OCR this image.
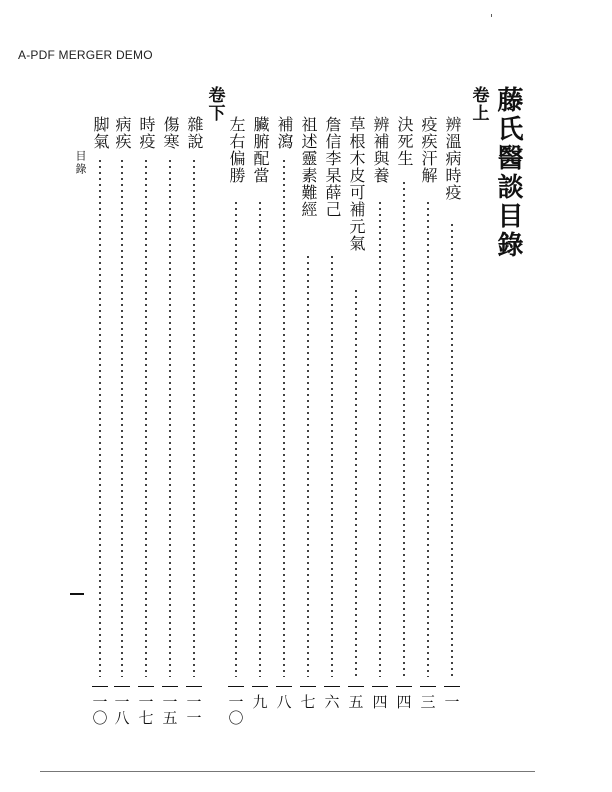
A-PDF MERGER DEMO
'
藤氏醫談目錄
卷上
辨溫病時疫
一
疫疾汗解
三
決死生
四
辨補與養
四
草根木皮可補元氣
五
詹信李杲薛己
六
祖述靈素難經
七
補瀉
八
臟腑配當
九
左右偏勝
一〇
卷下
雜說
一一
傷寒
一五
時疫
一七
病疾
一八
脚氣
一〇
目錄
